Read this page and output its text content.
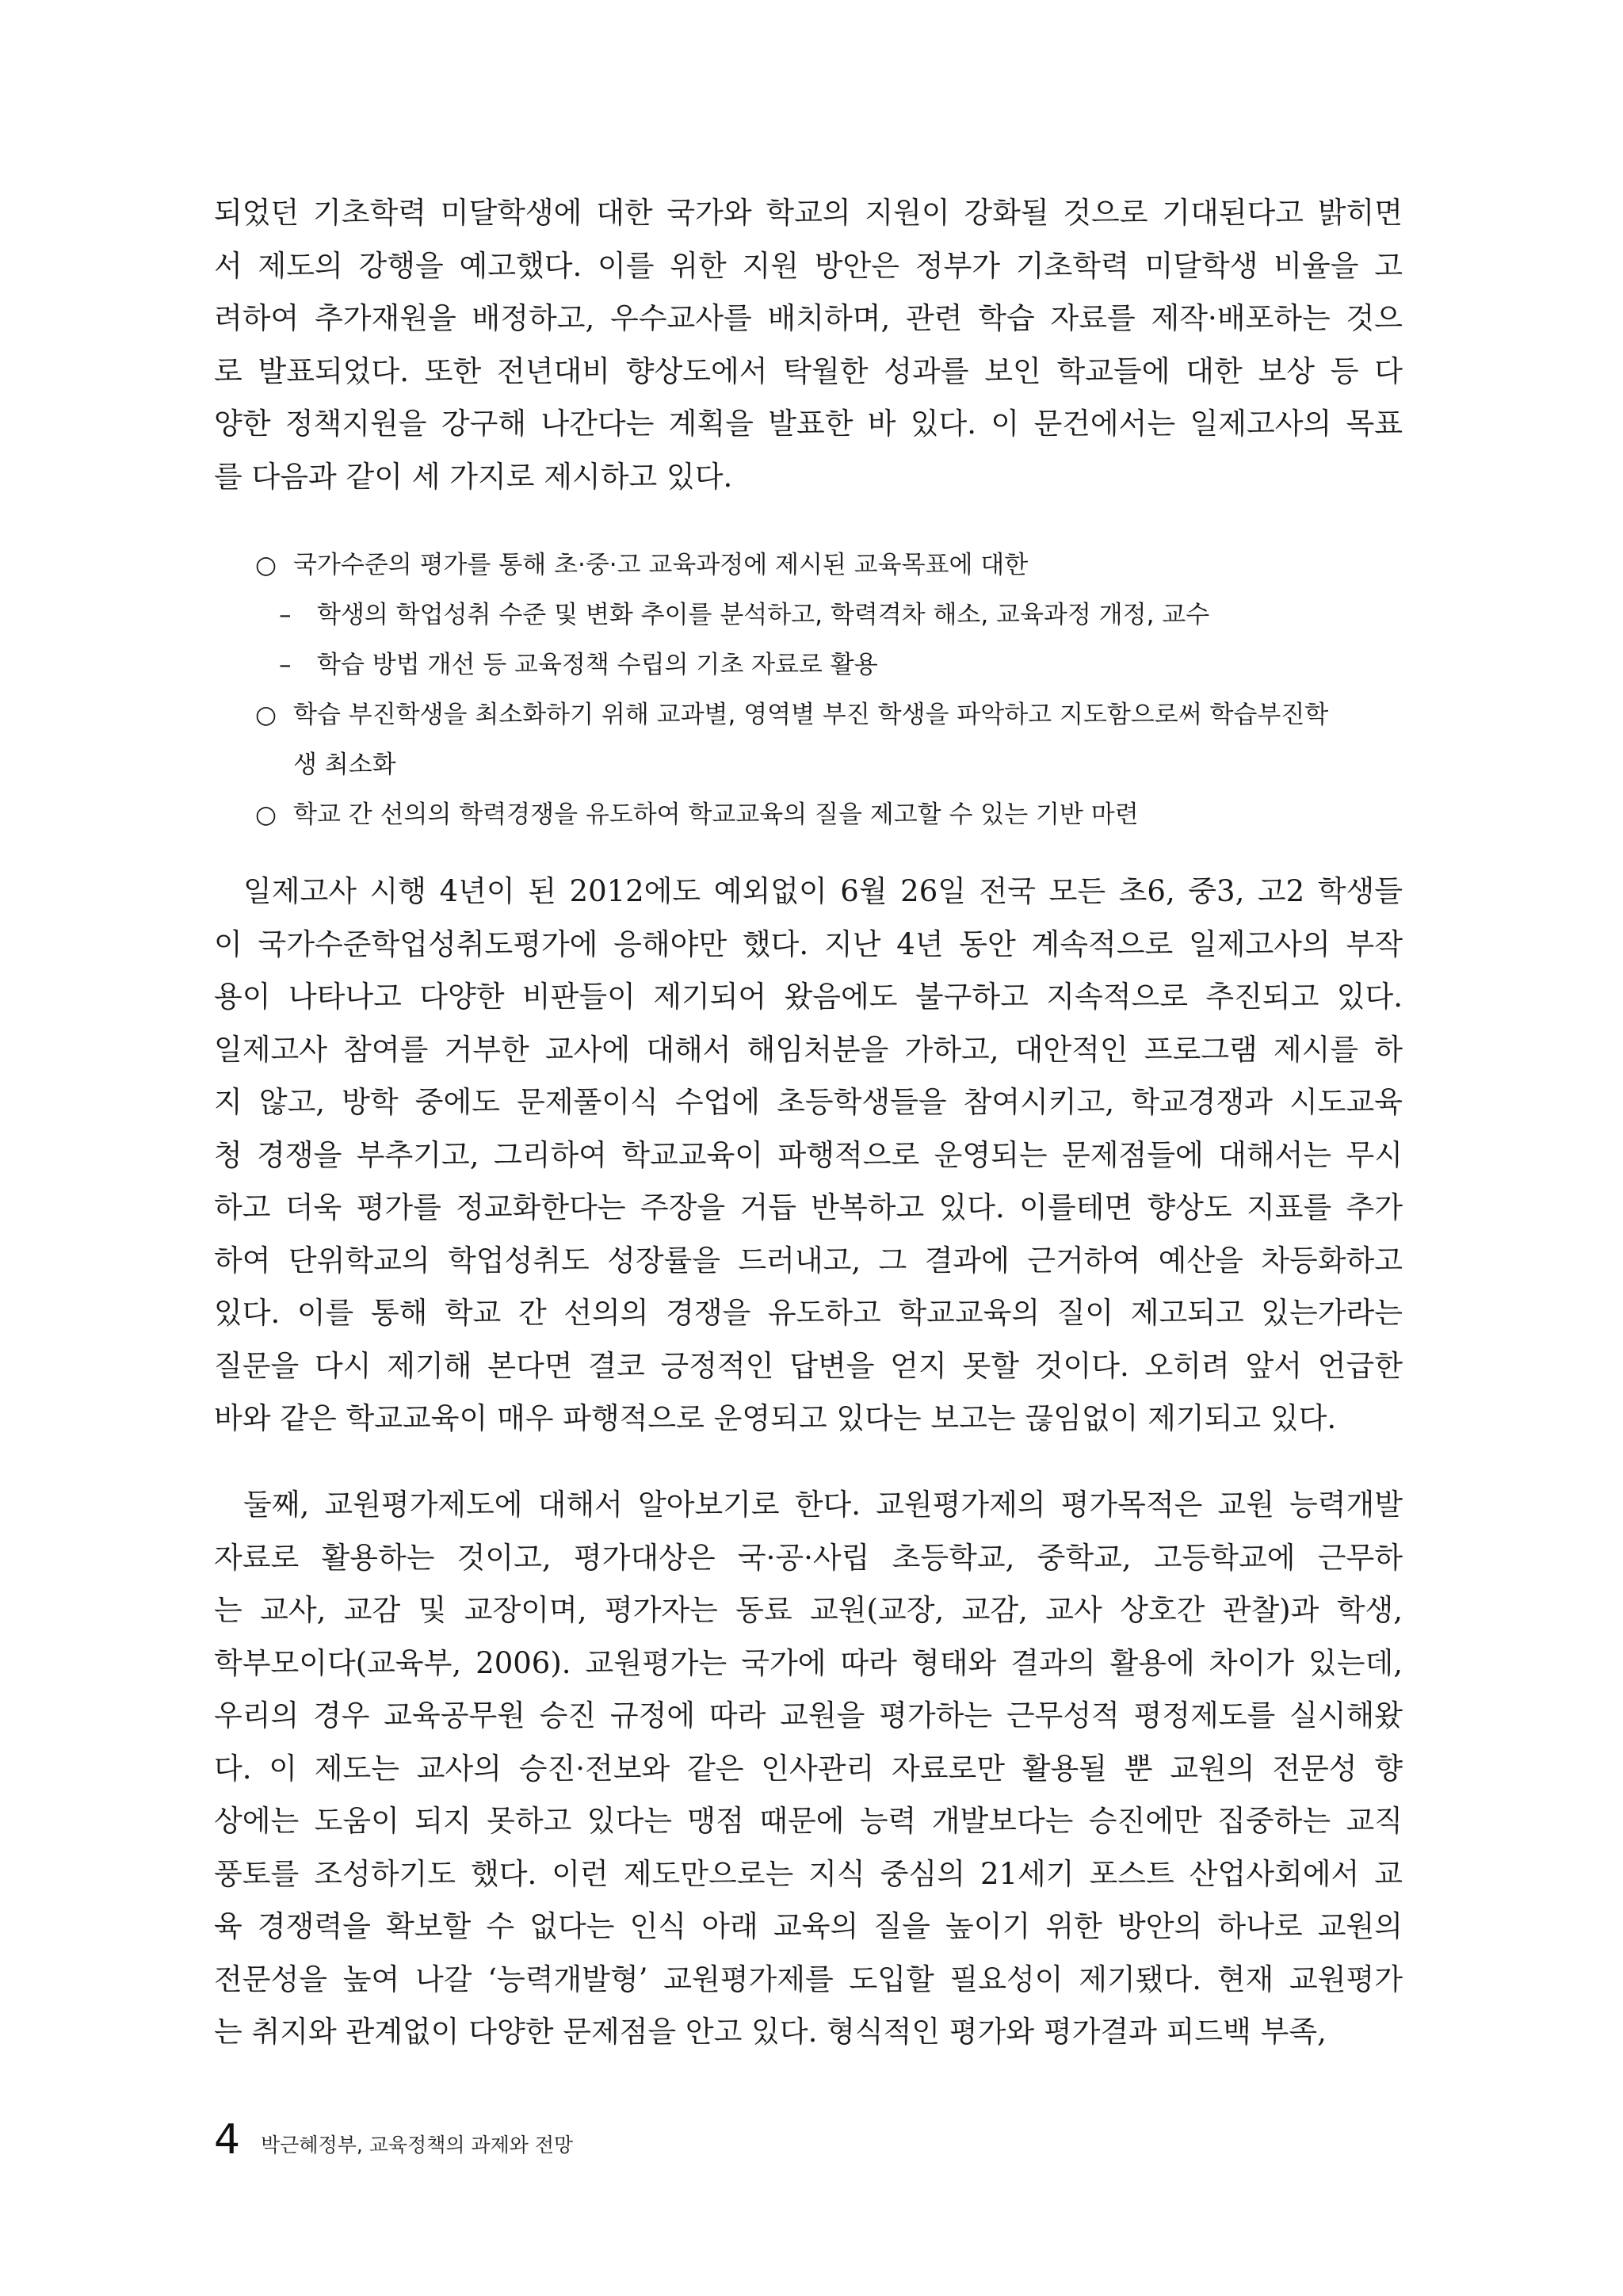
되었던 기초학력 미달학생에 대한 국가와 학교의 지원이 강화될 것으로 기대된다고 밝히면
서 제도의 강행을 예고했다. 이를 위한 지원 방안은 정부가 기초학력 미달학생 비율을 고
려하여 추가재원을 배정하고, 우수교사를 배치하며, 관련 학습 자료를 제작·배포하는 것으
로 발표되었다. 또한 전년대비 향상도에서 탁월한 성과를 보인 학교들에 대한 보상 등 다
양한 정책지원을 강구해 나간다는 계획을 발표한 바 있다. 이 문건에서는 일제고사의 목표
를 다음과 같이 세 가지로 제시하고 있다.
○ 국가수준의 평가를 통해 초·중·고 교육과정에 제시된 교육목표에 대한
– 학생의 학업성취 수준 및 변화 추이를 분석하고, 학력격차 해소, 교육과정 개정, 교수
– 학습 방법 개선 등 교육정책 수립의 기초 자료로 활용
○ 학습 부진학생을 최소화하기 위해 교과별, 영역별 부진 학생을 파악하고 지도함으로써 학습부진학
생 최소화
○ 학교 간 선의의 학력경쟁을 유도하여 학교교육의 질을 제고할 수 있는 기반 마련
일제고사 시행 4년이 된 2012에도 예외없이 6월 26일 전국 모든 초6, 중3, 고2 학생들
이 국가수준학업성취도평가에 응해야만 했다. 지난 4년 동안 계속적으로 일제고사의 부작
용이 나타나고 다양한 비판들이 제기되어 왔음에도 불구하고 지속적으로 추진되고 있다.
일제고사 참여를 거부한 교사에 대해서 해임처분을 가하고, 대안적인 프로그램 제시를 하
지 않고, 방학 중에도 문제풀이식 수업에 초등학생들을 참여시키고, 학교경쟁과 시도교육
청 경쟁을 부추기고, 그리하여 학교교육이 파행적으로 운영되는 문제점들에 대해서는 무시
하고 더욱 평가를 정교화한다는 주장을 거듭 반복하고 있다. 이를테면 향상도 지표를 추가
하여 단위학교의 학업성취도 성장률을 드러내고, 그 결과에 근거하여 예산을 차등화하고
있다. 이를 통해 학교 간 선의의 경쟁을 유도하고 학교교육의 질이 제고되고 있는가라는
질문을 다시 제기해 본다면 결코 긍정적인 답변을 얻지 못할 것이다. 오히려 앞서 언급한
바와 같은 학교교육이 매우 파행적으로 운영되고 있다는 보고는 끊임없이 제기되고 있다.
둘째, 교원평가제도에 대해서 알아보기로 한다. 교원평가제의 평가목적은 교원 능력개발
자료로 활용하는 것이고, 평가대상은 국·공·사립 초등학교, 중학교, 고등학교에 근무하
는 교사, 교감 및 교장이며, 평가자는 동료 교원(교장, 교감, 교사 상호간 관찰)과 학생,
학부모이다(교육부, 2006). 교원평가는 국가에 따라 형태와 결과의 활용에 차이가 있는데,
우리의 경우 교육공무원 승진 규정에 따라 교원을 평가하는 근무성적 평정제도를 실시해왔
다. 이 제도는 교사의 승진·전보와 같은 인사관리 자료로만 활용될 뿐 교원의 전문성 향
상에는 도움이 되지 못하고 있다는 맹점 때문에 능력 개발보다는 승진에만 집중하는 교직
풍토를 조성하기도 했다. 이런 제도만으로는 지식 중심의 21세기 포스트 산업사회에서 교
육 경쟁력을 확보할 수 없다는 인식 아래 교육의 질을 높이기 위한 방안의 하나로 교원의
전문성을 높여 나갈 ‘능력개발형’ 교원평가제를 도입할 필요성이 제기됐다. 현재 교원평가
는 취지와 관계없이 다양한 문제점을 안고 있다. 형식적인 평가와 평가결과 피드백 부족,
4 박근혜정부, 교육정책의 과제와 전망
